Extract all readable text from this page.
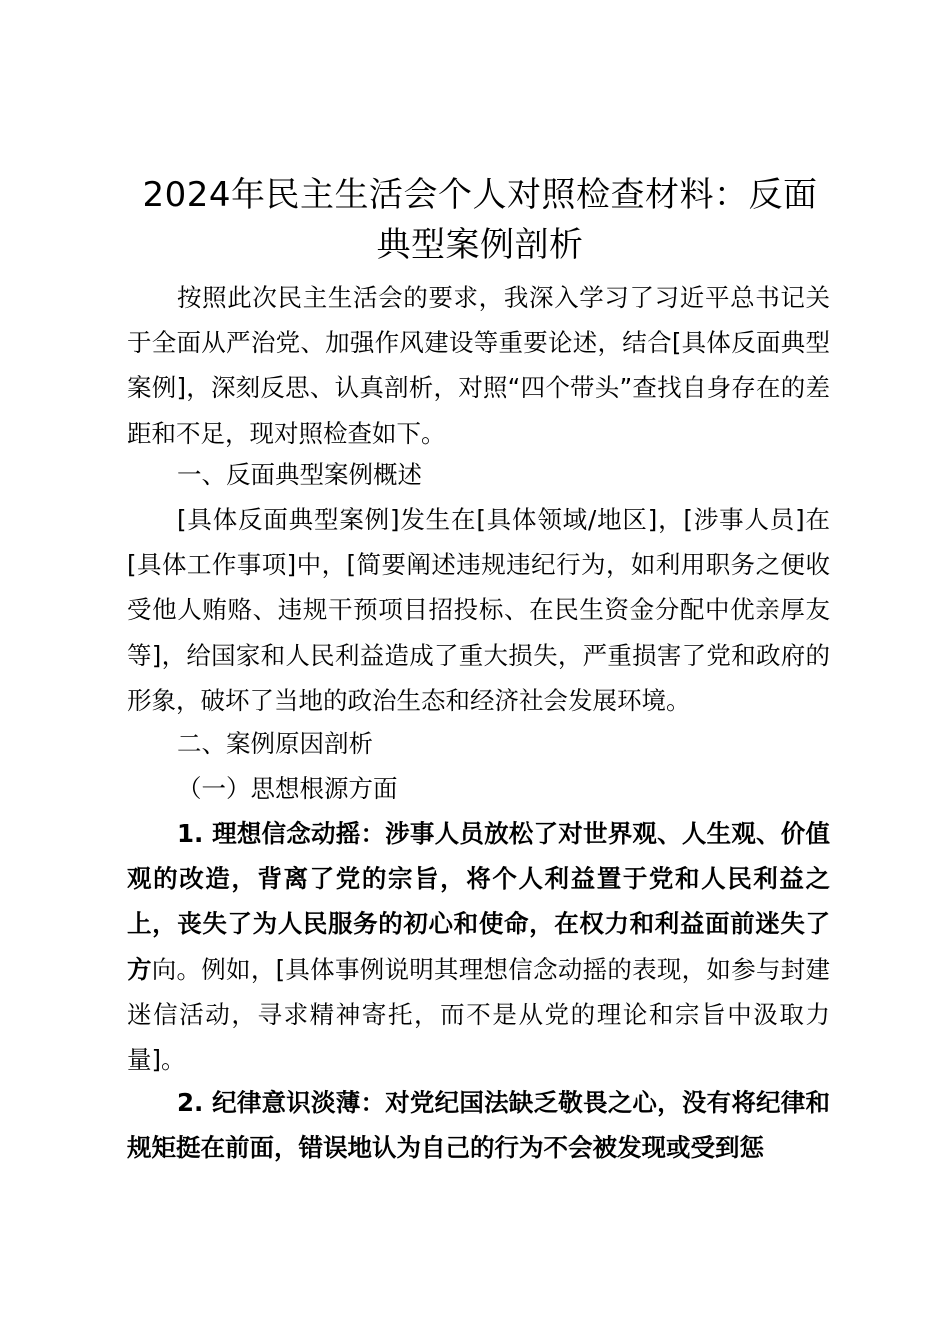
2024年民主生活会个人对照检查材料：反面
典型案例剖析

按照此次民主生活会的要求，我深入学习了习近平总书记关于全面从严治党、加强作风建设等重要论述，结合[具体反面典型案例]，深刻反思、认真剖析，对照“四个带头”查找自身存在的差距和不足，现对照检查如下。

一、反面典型案例概述

[具体反面典型案例]发生在[具体领域/地区]，[涉事人员]在[具体工作事项]中，[简要阐述违规违纪行为，如利用职务之便收受他人贿赂、违规干预项目招投标、在民生资金分配中优亲厚友等]，给国家和人民利益造成了重大损失，严重损害了党和政府的形象，破坏了当地的政治生态和经济社会发展环境。

二、案例原因剖析

（一）思想根源方面

1. 理想信念动摇：涉事人员放松了对世界观、人生观、价值观的改造，背离了党的宗旨，将个人利益置于党和人民利益之上，丧失了为人民服务的初心和使命，在权力和利益面前迷失了方向。例如，[具体事例说明其理想信念动摇的表现，如参与封建迷信活动，寻求精神寄托，而不是从党的理论和宗旨中汲取力量]。

2. 纪律意识淡薄：对党纪国法缺乏敬畏之心，没有将纪律和规矩挺在前面，错误地认为自己的行为不会被发现或受到惩
